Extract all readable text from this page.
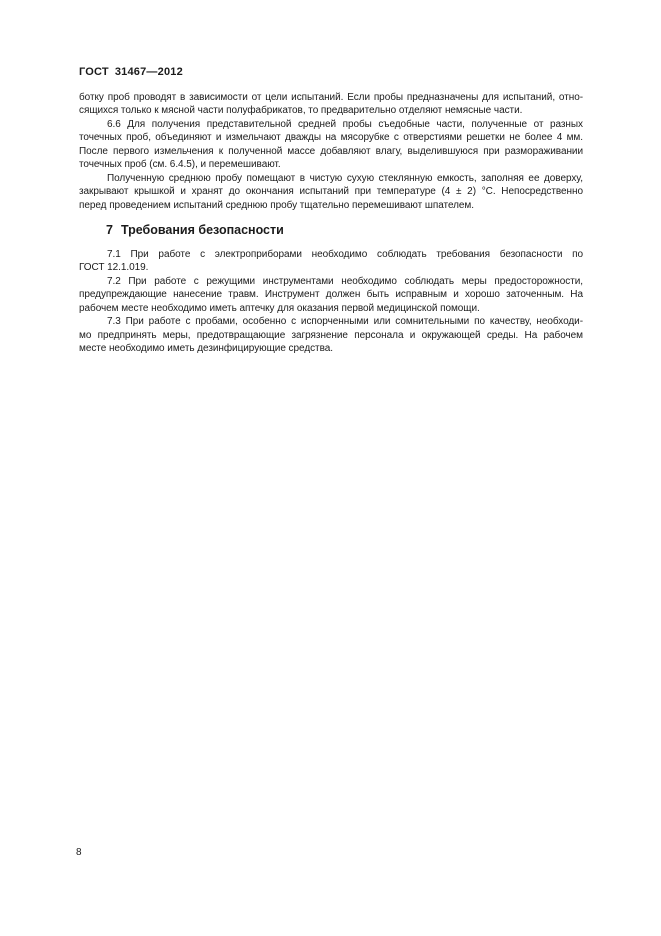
ГОСТ 31467—2012
ботку проб проводят в зависимости от цели испытаний. Если пробы предназначены для испытаний, отно-
сящихся только к мясной части полуфабрикатов, то предварительно отделяют немясные части.
6.6 Для получения представительной средней пробы съедобные части, полученные от разных
точечных проб, объединяют и измельчают дважды на мясорубке с отверстиями решетки не более 4 мм.
После первого измельчения к полученной массе добавляют влагу, выделившуюся при размораживании
точечных проб (см. 6.4.5), и перемешивают.
Полученную среднюю пробу помещают в чистую сухую стеклянную емкость, заполняя ее доверху,
закрывают крышкой и хранят до окончания испытаний при температуре (4 ± 2) °С. Непосредственно
перед проведением испытаний среднюю пробу тщательно перемешивают шпателем.
7 Требования безопасности
7.1 При работе с электроприборами необходимо соблюдать требования безопасности по
ГОСТ 12.1.019.
7.2 При работе с режущими инструментами необходимо соблюдать меры предосторожности,
предупреждающие нанесение травм. Инструмент должен быть исправным и хорошо заточенным. На
рабочем месте необходимо иметь аптечку для оказания первой медицинской помощи.
7.3 При работе с пробами, особенно с испорченными или сомнительными по качеству, необходи-
мо предпринять меры, предотвращающие загрязнение персонала и окружающей среды. На рабочем
месте необходимо иметь дезинфицирующие средства.
8
